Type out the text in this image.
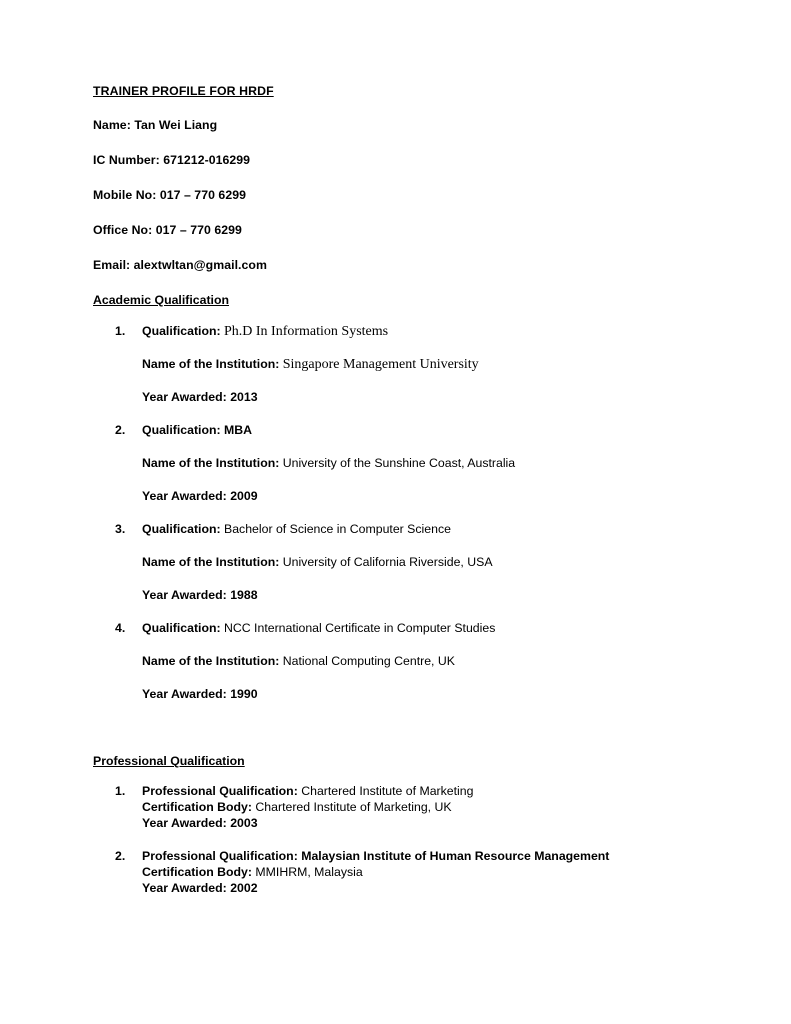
TRAINER PROFILE FOR HRDF
Name: Tan Wei Liang
IC Number: 671212-016299
Mobile No: 017 – 770 6299
Office No: 017 – 770 6299
Email: alextwltan@gmail.com
Academic Qualification
1. Qualification: Ph.D In Information Systems
Name of the Institution: Singapore Management University
Year Awarded: 2013
2. Qualification: MBA
Name of the Institution: University of the Sunshine Coast, Australia
Year Awarded: 2009
3. Qualification: Bachelor of Science in Computer Science
Name of the Institution: University of California Riverside, USA
Year Awarded: 1988
4. Qualification: NCC International Certificate in Computer Studies
Name of the Institution: National Computing Centre, UK
Year Awarded: 1990
Professional Qualification
1. Professional Qualification: Chartered Institute of Marketing
Certification Body: Chartered Institute of Marketing, UK
Year Awarded: 2003
2. Professional Qualification: Malaysian Institute of Human Resource Management
Certification Body: MMIHRM, Malaysia
Year Awarded: 2002
